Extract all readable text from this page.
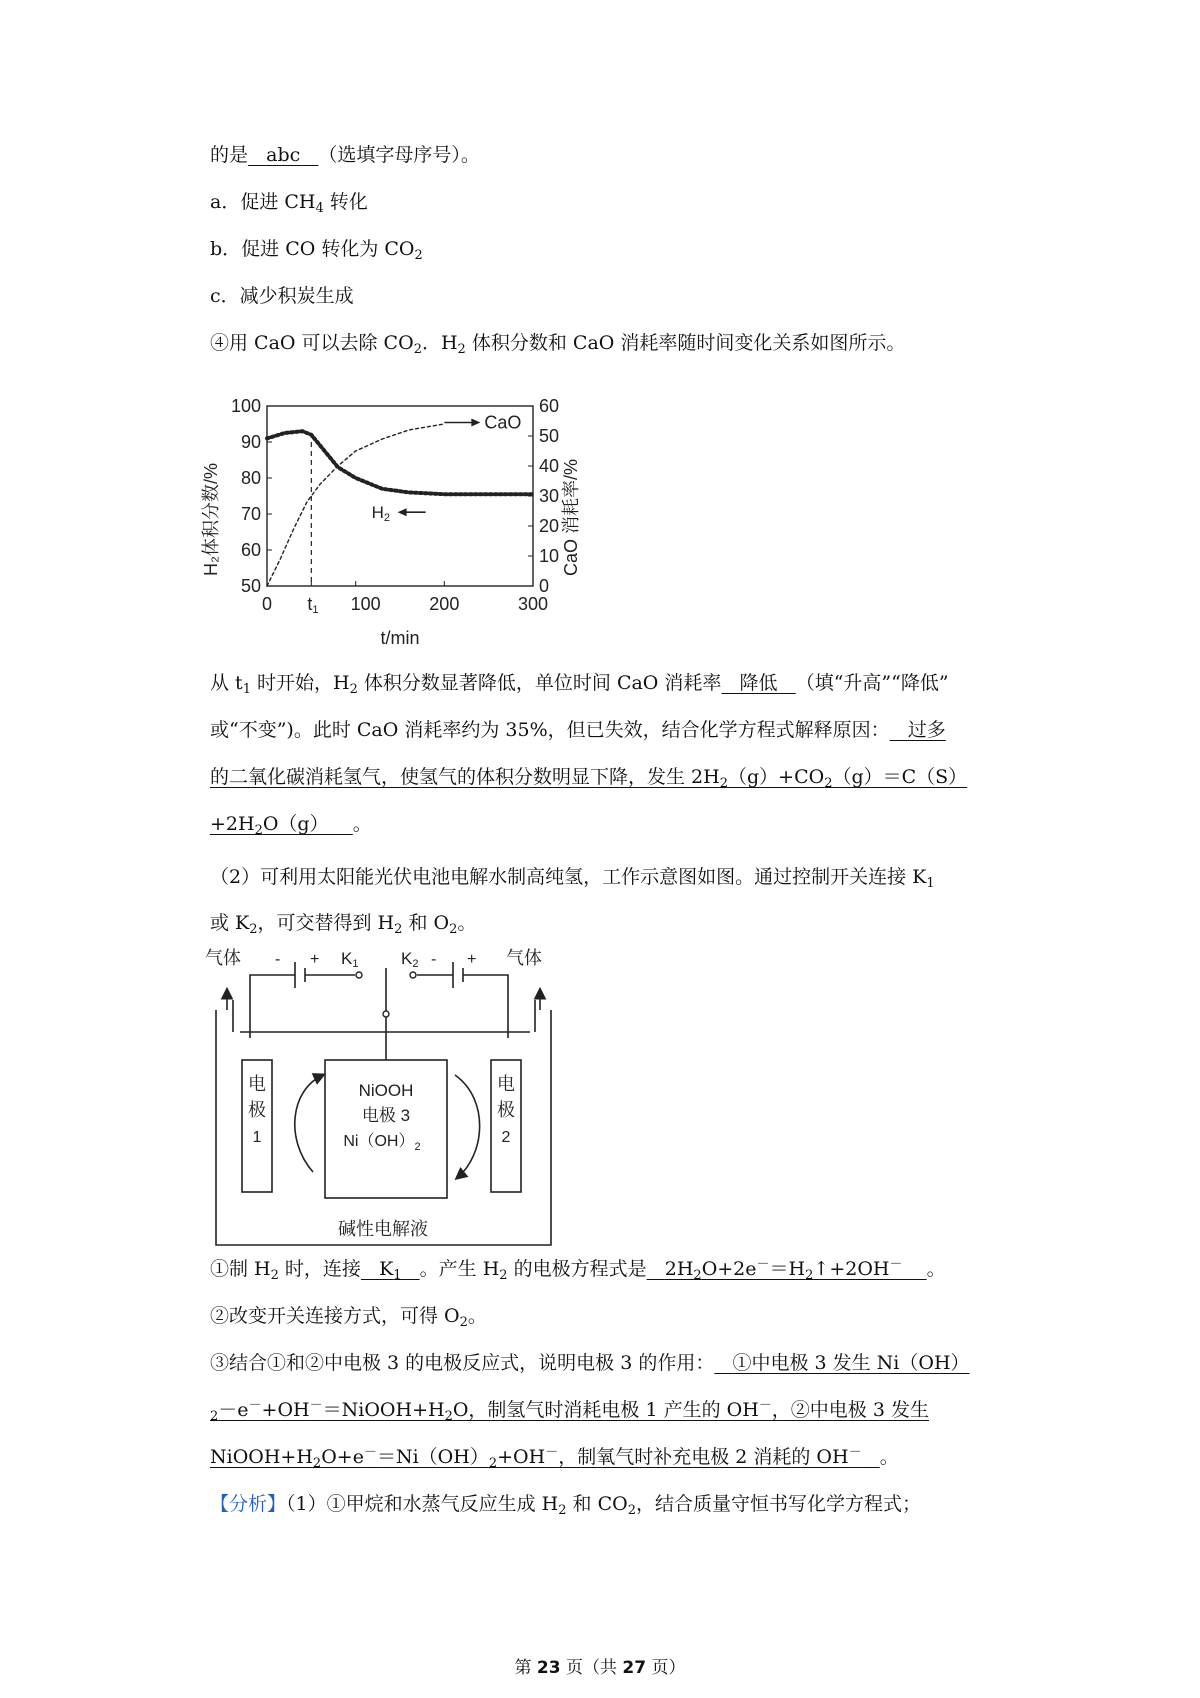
的是 abc （选填字母序号）。
a．促进 $CH_4$ 转化
b．促进 CO 转化为 $CO_2$
c．减少积炭生成
④用 CaO 可以去除 $CO_2$．$H_2$ 体积分数和 CaO 消耗率随时间变化关系如图所示。
50
60
70
80
90
100
0
10
20
30
40
50
60
0 t1 100	200	300
t/min
H₂体积分数/%	CaO 消耗率/%
CaO
H2
从 $t_1$ 时开始，$H_2$ 体积分数显著降低，单位时间 CaO 消耗率 降低 （填“升高”“降低”
或“不变”)。此时 CaO 消耗率约为 35%，但已失效，结合化学方程式解释原因： 过多
的二氧化碳消耗氢气，使氢气的体积分数明显下降，发生 $2H_2(g)+CO_2(g)=C(S)$
$+2H_2O(g)$ 。
（2）可利用太阳能光伏电池电解水制高纯氢，工作示意图如图。通过控制开关连接 $K_1$
或 $K_2$，可交替得到 $H_2$ 和 $O_2$。
气体	气体
- +	- +
K1	K2
电
极
1
电
极
2
NiOOH
电极 3
$Ni(OH)_2$
碱性电解液
①制 $H_2$ 时，连接 $K_1$ 。产生 $H_2$ 的电极方程式是 $2H_2O+2e^-=H_2↑+2OH^-$ 。
②改变开关连接方式，可得 $O_2$。
③结合①和②中电极 3 的电极反应式，说明电极 3 的作用： ①中电极 3 发生 Ni（OH）
$_2-e^-+OH^-=NiOOH+H_2O$，制氢气时消耗电极 1 产生的 OH－，②中电极 3 发生
$NiOOH+H_2O+e^-=Ni(OH)_2+OH^-$，制氧气时补充电极 2 消耗的 OH－ 。
【分析】（1）①甲烷和水蒸气反应生成 $H_2$ 和 $CO_2$，结合质量守恒书写化学方程式；
第 23 页（共 27 页）
